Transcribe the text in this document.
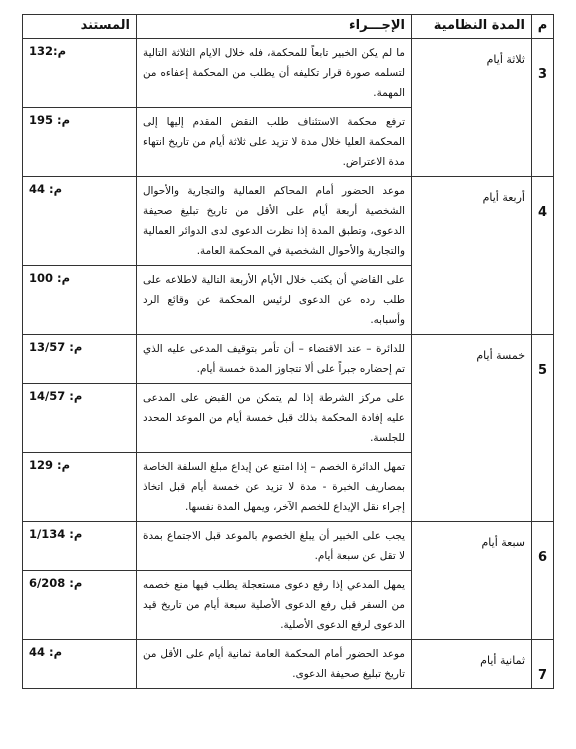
م	المدة النظامية	الإجـــراء	المستند
3	ثلاثة أيام	ما لم يكن الخبير تابعاً للمحكمة، فله خلال الايام الثلاثة التالية لتسلمه صورة قرار تكليفه أن يطلب من المحكمة إعفاءه من المهمة.	م:132
		ترفع محكمة الاستئناف طلب النقض المقدم إليها إلى المحكمة العليا خلال مدة لا تزيد على ثلاثة أيام من تاريخ انتهاء مدة الاعتراض.	م: 195
4	أربعة أيام	موعد الحضور أمام المحاكم العمالية والتجارية والأحوال الشخصية أربعة أيام على الأقل من تاريخ تبليغ صحيفة الدعوى، وتطبق المدة إذا نظرت الدعوى لدى الدوائر العمالية والتجارية والأحوال الشخصية في المحكمة العامة.	م: 44
		على القاضي أن يكتب خلال الأيام الأربعة التالية لاطلاعه على طلب رده عن الدعوى لرئيس المحكمة عن وقائع الرد وأسبابه.	م: 100
5	خمسة أيام	للدائرة – عند الاقتضاء – أن تأمر بتوقيف المدعى عليه الذي تم إحضاره جبراً على ألا تتجاوز المدة خمسة أيام.	م: 13/57
		على مركز الشرطة إذا لم يتمكن من القبض على المدعى عليه إفادة المحكمة بذلك قبل خمسة أيام من الموعد المحدد للجلسة.	م: 14/57
		تمهل الدائرة الخصم – إذا امتنع عن إيداع مبلغ السلفة الخاصة بمصاريف الخبرة - مدة لا تزيد عن خمسة أيام قبل اتخاذ إجراء نقل الإيداع للخصم الآخر، ويمهل المدة نفسها.	م: 129
6	سبعة أيام	يجب على الخبير أن يبلغ الخصوم بالموعد قبل الاجتماع بمدة لا تقل عن سبعة أيام.	م: 1/134
		يمهل المدعي إذا رفع دعوى مستعجلة يطلب فيها منع خصمه من السفر قبل رفع الدعوى الأصلية سبعة أيام من تاريخ قيد الدعوى لرفع الدعوى الأصلية.	م: 6/208
7	ثمانية أيام	موعد الحضور أمام المحكمة العامة ثمانية أيام على الأقل من تاريخ تبليغ صحيفة الدعوى.	م: 44
